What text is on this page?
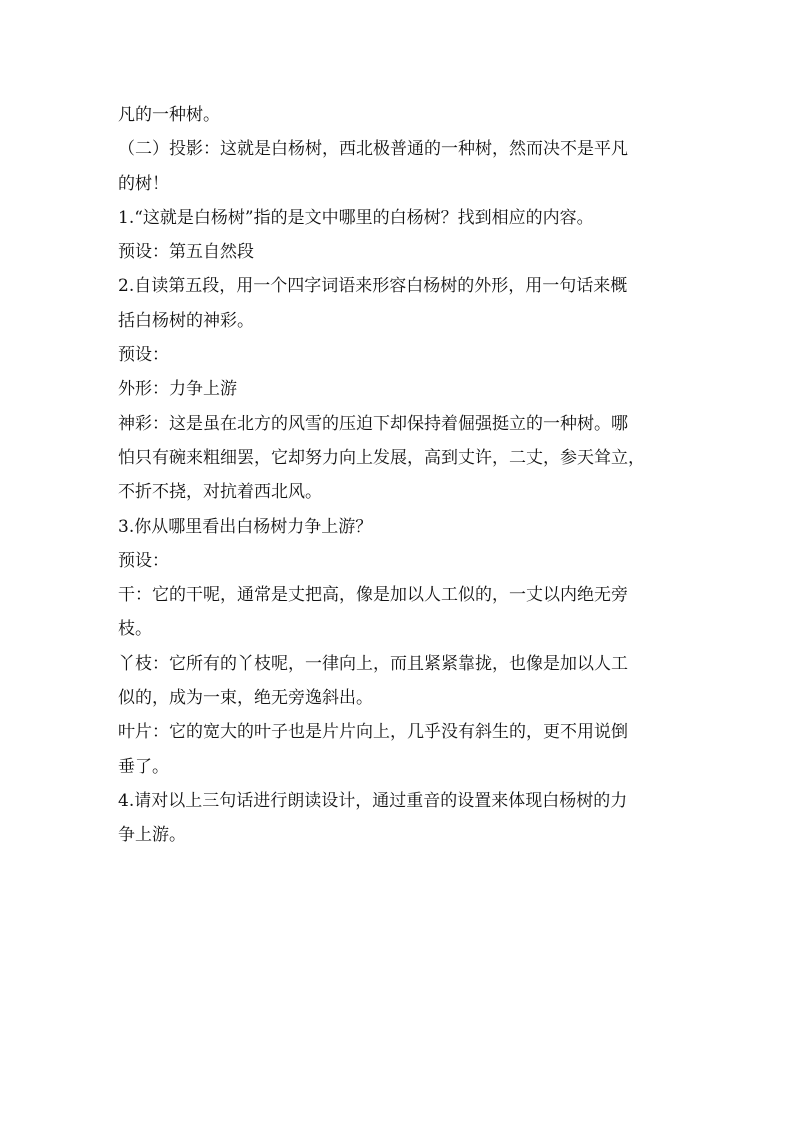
凡的一种树。
（二）投影：这就是白杨树，西北极普通的一种树，然而决不是平凡
的树！
1.“这就是白杨树”指的是文中哪里的白杨树？找到相应的内容。
预设：第五自然段
2.自读第五段，用一个四字词语来形容白杨树的外形，用一句话来概
括白杨树的神彩。
预设：
外形：力争上游
神彩：这是虽在北方的风雪的压迫下却保持着倔强挺立的一种树。哪
怕只有碗来粗细罢，它却努力向上发展，高到丈许，二丈，参天耸立，
不折不挠，对抗着西北风。
3.你从哪里看出白杨树力争上游？
预设：
干：它的干呢，通常是丈把高，像是加以人工似的，一丈以内绝无旁
枝。
丫枝：它所有的丫枝呢，一律向上，而且紧紧靠拢，也像是加以人工
似的，成为一束，绝无旁逸斜出。
叶片：它的宽大的叶子也是片片向上，几乎没有斜生的，更不用说倒
垂了。
4.请对以上三句话进行朗读设计，通过重音的设置来体现白杨树的力
争上游。
